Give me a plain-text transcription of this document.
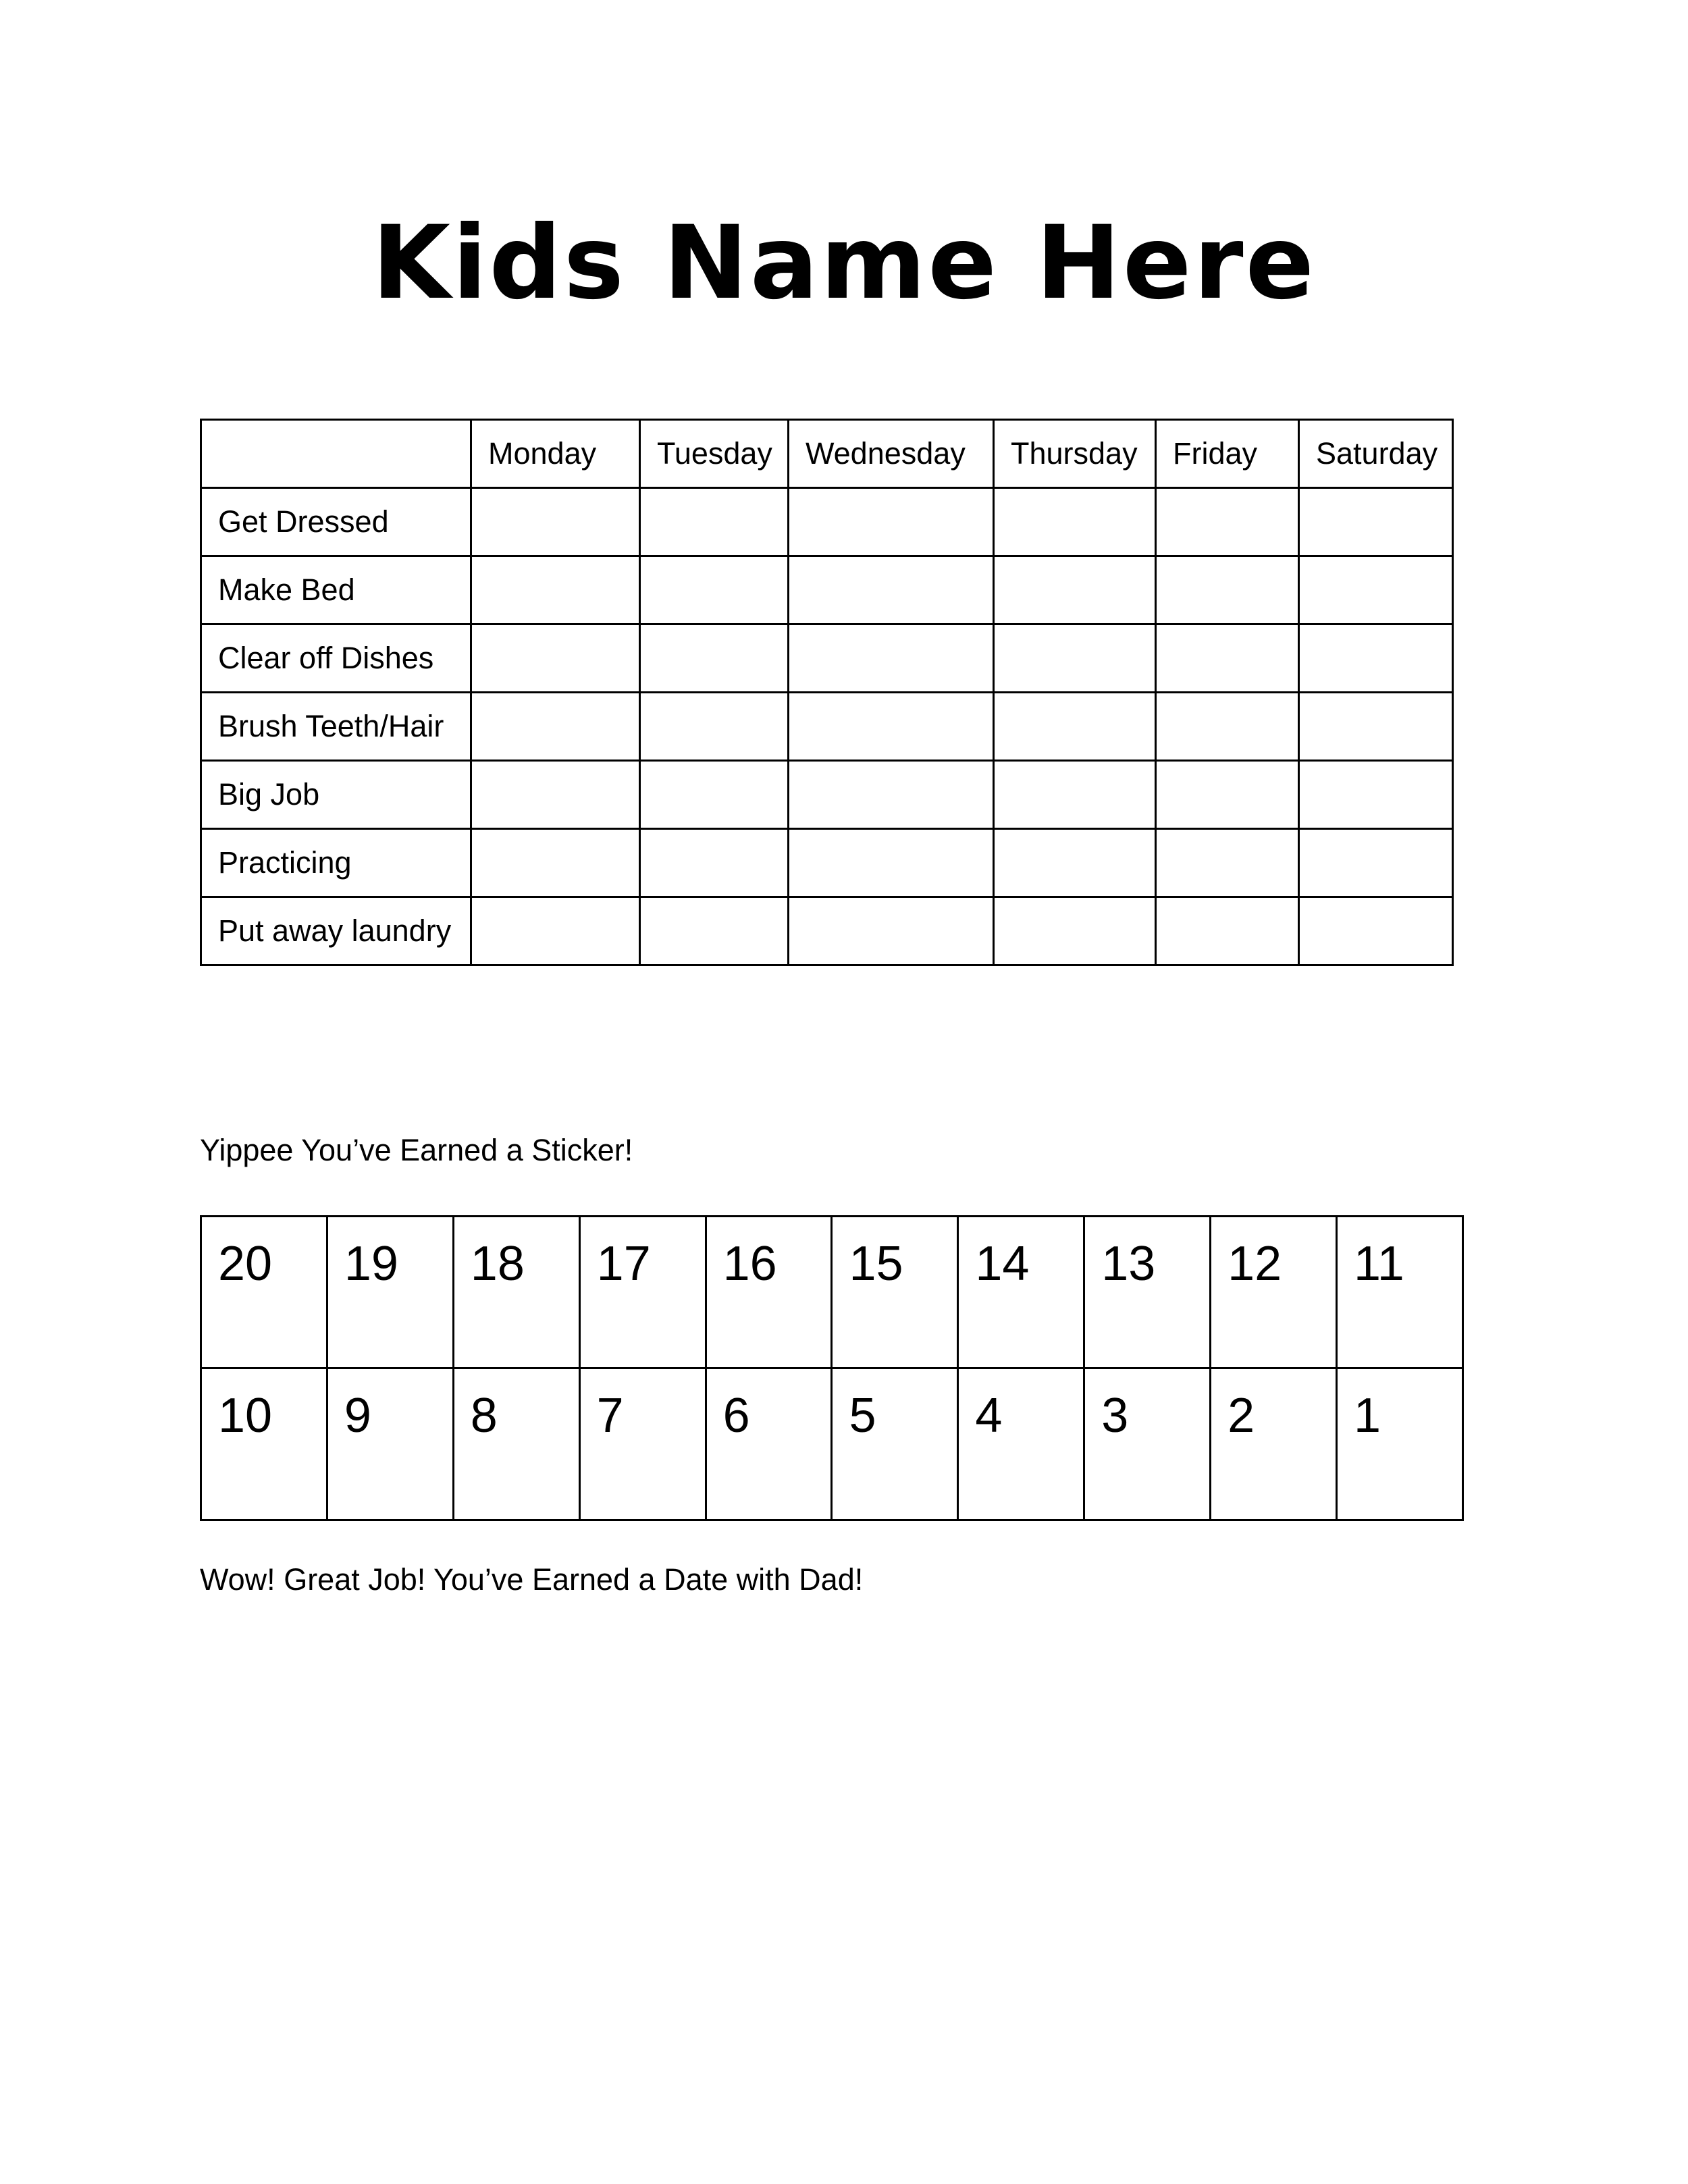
Kids Name Here
	Monday	Tuesday	Wednesday	Thursday	Friday	Saturday
Get Dressed						
Make Bed						
Clear off Dishes						
Brush Teeth/Hair						
Big Job						
Practicing						
Put away laundry						
Yippee You’ve Earned a Sticker!
20	19	18	17	16	15	14	13	12	11
10	9	8	7	6	5	4	3	2	1
Wow! Great Job! You’ve Earned a Date with Dad!
